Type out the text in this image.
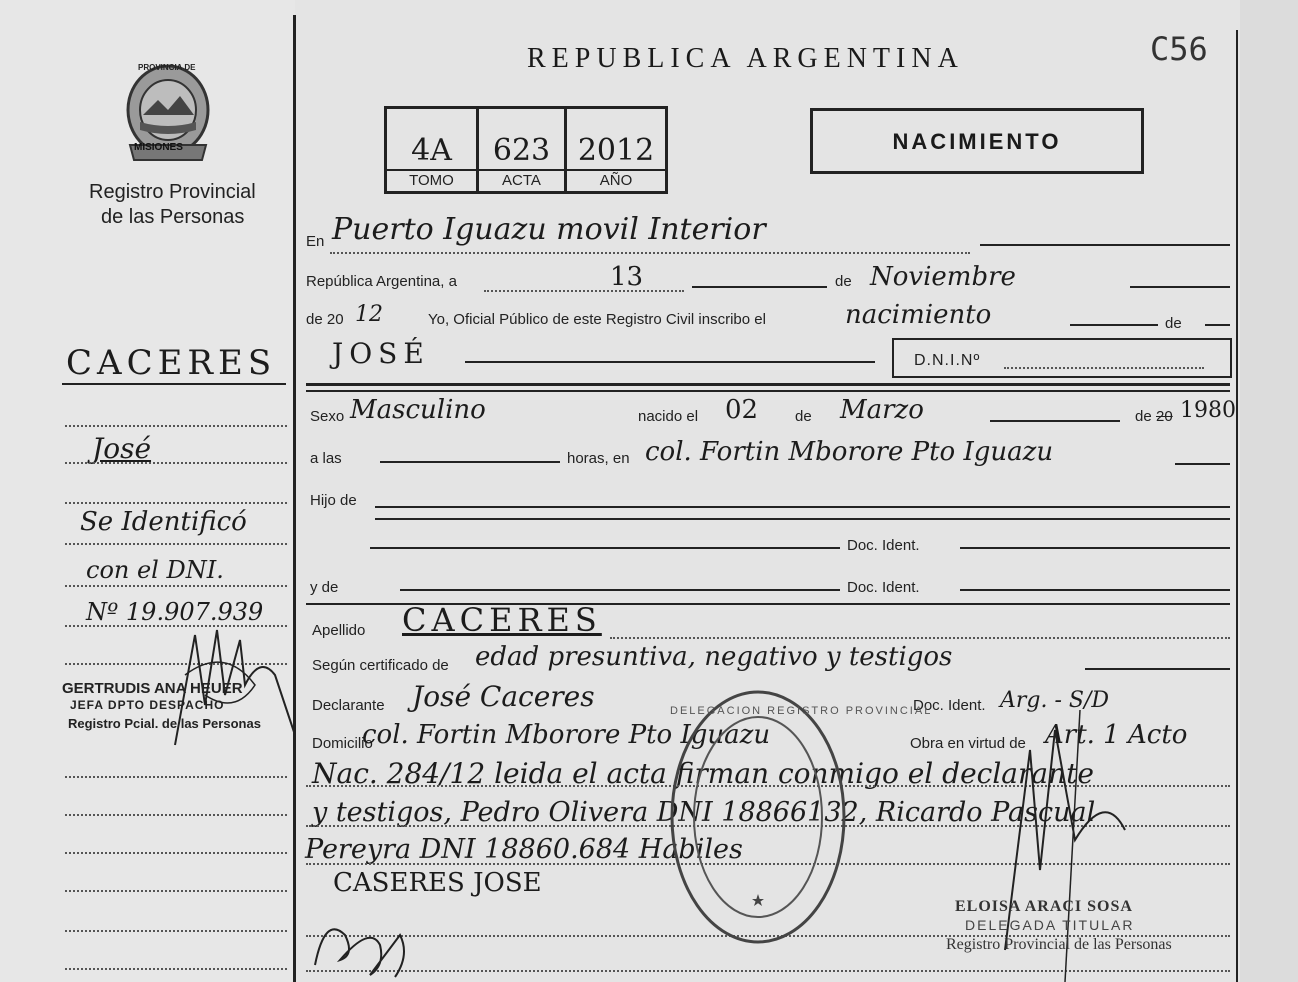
PROVINCIA DE
MISIONES
Registro Provincial
de las Personas
REPUBLICA ARGENTINA	C56
4A	623 2012
TOMO	ACTA	AÑO
NACIMIENTO
CACERES
José
Se Identificó
con el DNI.
Nº 19.907.939
GERTRUDIS ANA HEUER
JEFA DPTO DESPACHO
Registro Pcial. de las Personas
En Puerto Iguazu movil Interior
República Argentina, a	13	de Noviembre
de 20 12	Yo, Oficial Público de este Registro Civil inscribo el	nacimiento	de
JOSÉ	D.N.I.Nº
Sexo Masculino	nacido el 02 de Marzo	de 20 1980
a las	horas, en col. Fortin Mborore Pto Iguazu
Hijo de
Doc. Ident.
y de	Doc. Ident.
Apellido CACERES
Según certificado de edad presuntiva, negativo y testigos
Declarante José Caceres	Doc. Ident. Arg. - S/D
Domicilio
col. Fortin Mborore Pto Iguazu	Obra en virtud de Art. 1 Acto
Nac. 284/12 leida el acta firman conmigo el declarante
y testigos, Pedro Olivera DNI 18866132, Ricardo Pascual
Pereyra DNI 18860.684 Habiles
CASERES JOSE
DELEGACION REGISTRO PROVINCIAL
ELOISA ARACI SOSA
DELEGADA TITULAR
Registro Provincial de las Personas
